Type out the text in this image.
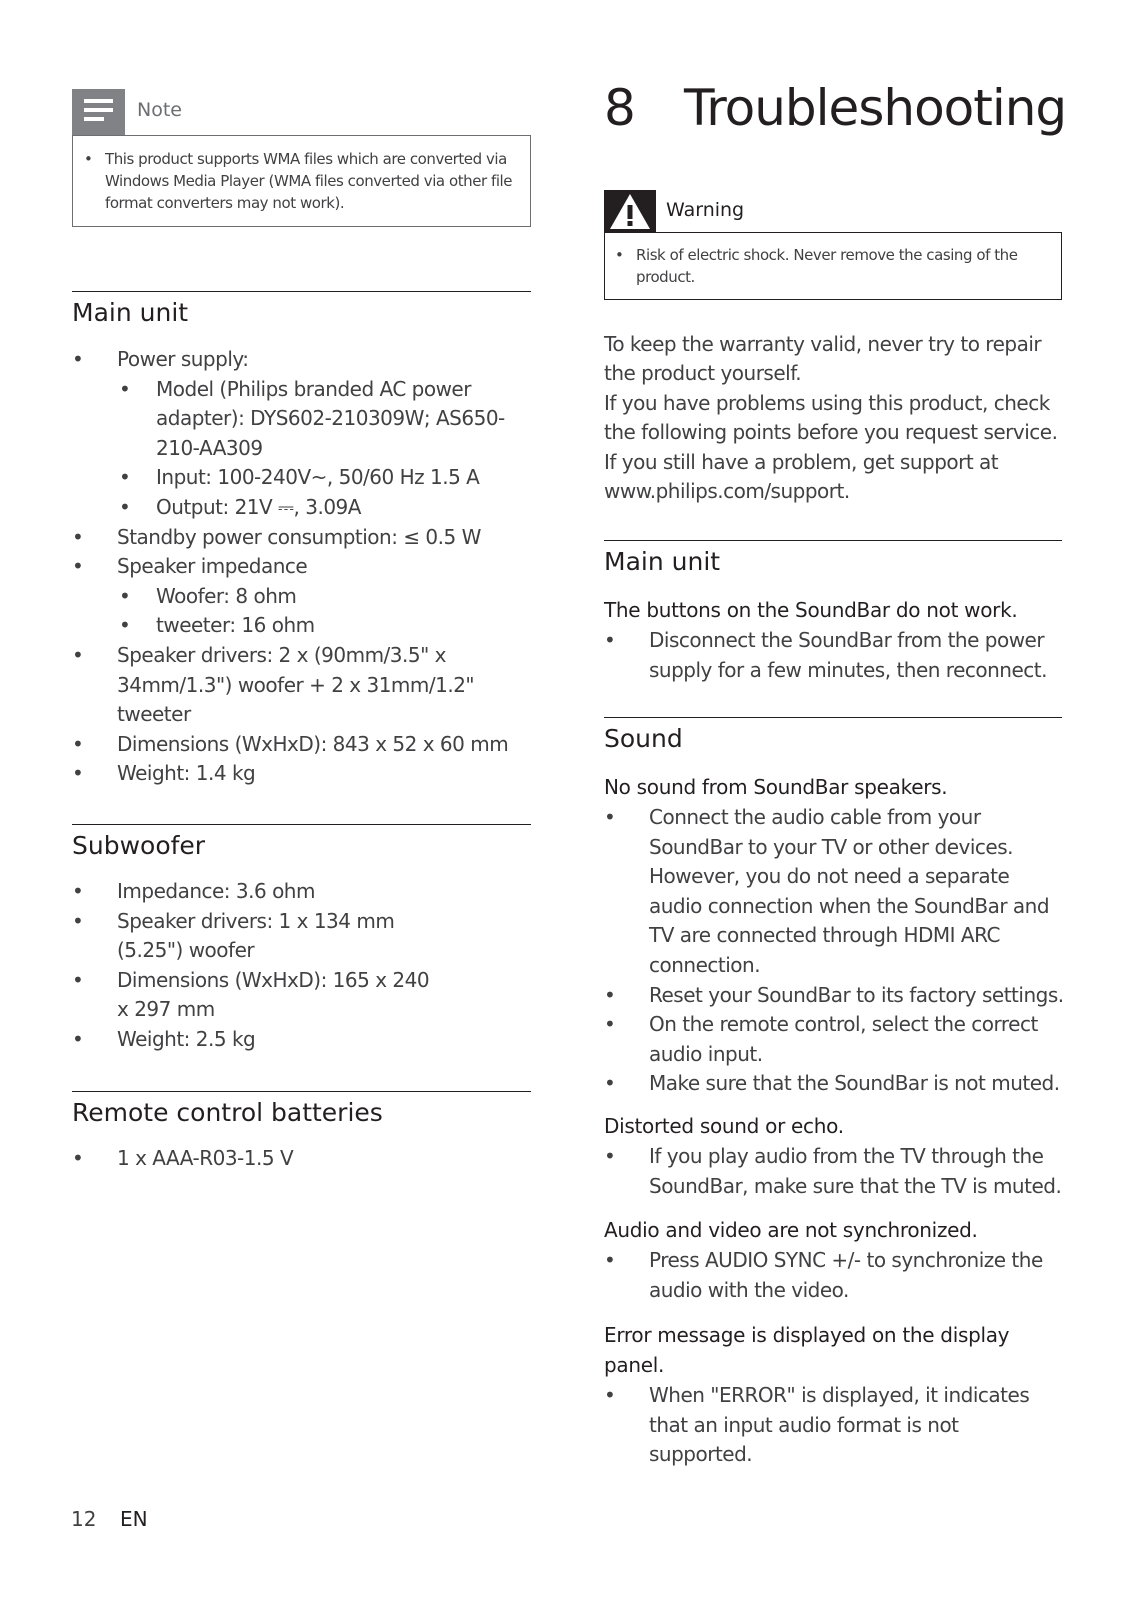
Note
• This product supports WMA files which are converted via Windows Media Player (WMA files converted via other file format converters may not work).
Main unit
• Power supply:
• Model (Philips branded AC power adapter): DYS602-210309W; AS650-210-AA309
• Input: 100-240V~, 50/60 Hz 1.5 A
• Output: 21V ⎓, 3.09A
• Standby power consumption: ≤ 0.5 W
• Speaker impedance
• Woofer: 8 ohm
• tweeter: 16 ohm
• Speaker drivers: 2 x (90mm/3.5" x 34mm/1.3") woofer + 2 x 31mm/1.2" tweeter
• Dimensions (WxHxD): 843 x 52 x 60 mm
• Weight: 1.4 kg
Subwoofer
• Impedance: 3.6 ohm
• Speaker drivers: 1 x 134 mm (5.25") woofer
• Dimensions (WxHxD): 165 x 240 x 297 mm
• Weight: 2.5 kg
Remote control batteries
• 1 x AAA-R03-1.5 V
8 Troubleshooting
Warning
• Risk of electric shock. Never remove the casing of the product.

To keep the warranty valid, never try to repair the product yourself.

If you have problems using this product, check the following points before you request service. If you still have a problem, get support at www.philips.com/support.

Main unit
The buttons on the SoundBar do not work.
• Disconnect the SoundBar from the power supply for a few minutes, then reconnect.
Sound
No sound from SoundBar speakers.
• Connect the audio cable from your SoundBar to your TV or other devices. However, you do not need a separate audio connection when the SoundBar and TV are connected through HDMI ARC connection.
• Reset your SoundBar to its factory settings.
• On the remote control, select the correct audio input.
• Make sure that the SoundBar is not muted.
Distorted sound or echo.
• If you play audio from the TV through the SoundBar, make sure that the TV is muted.
Audio and video are not synchronized.
• Press AUDIO SYNC +/- to synchronize the audio with the video.
Error message is displayed on the display panel.
• When "ERROR" is displayed, it indicates that an input audio format is not supported.
12 EN
